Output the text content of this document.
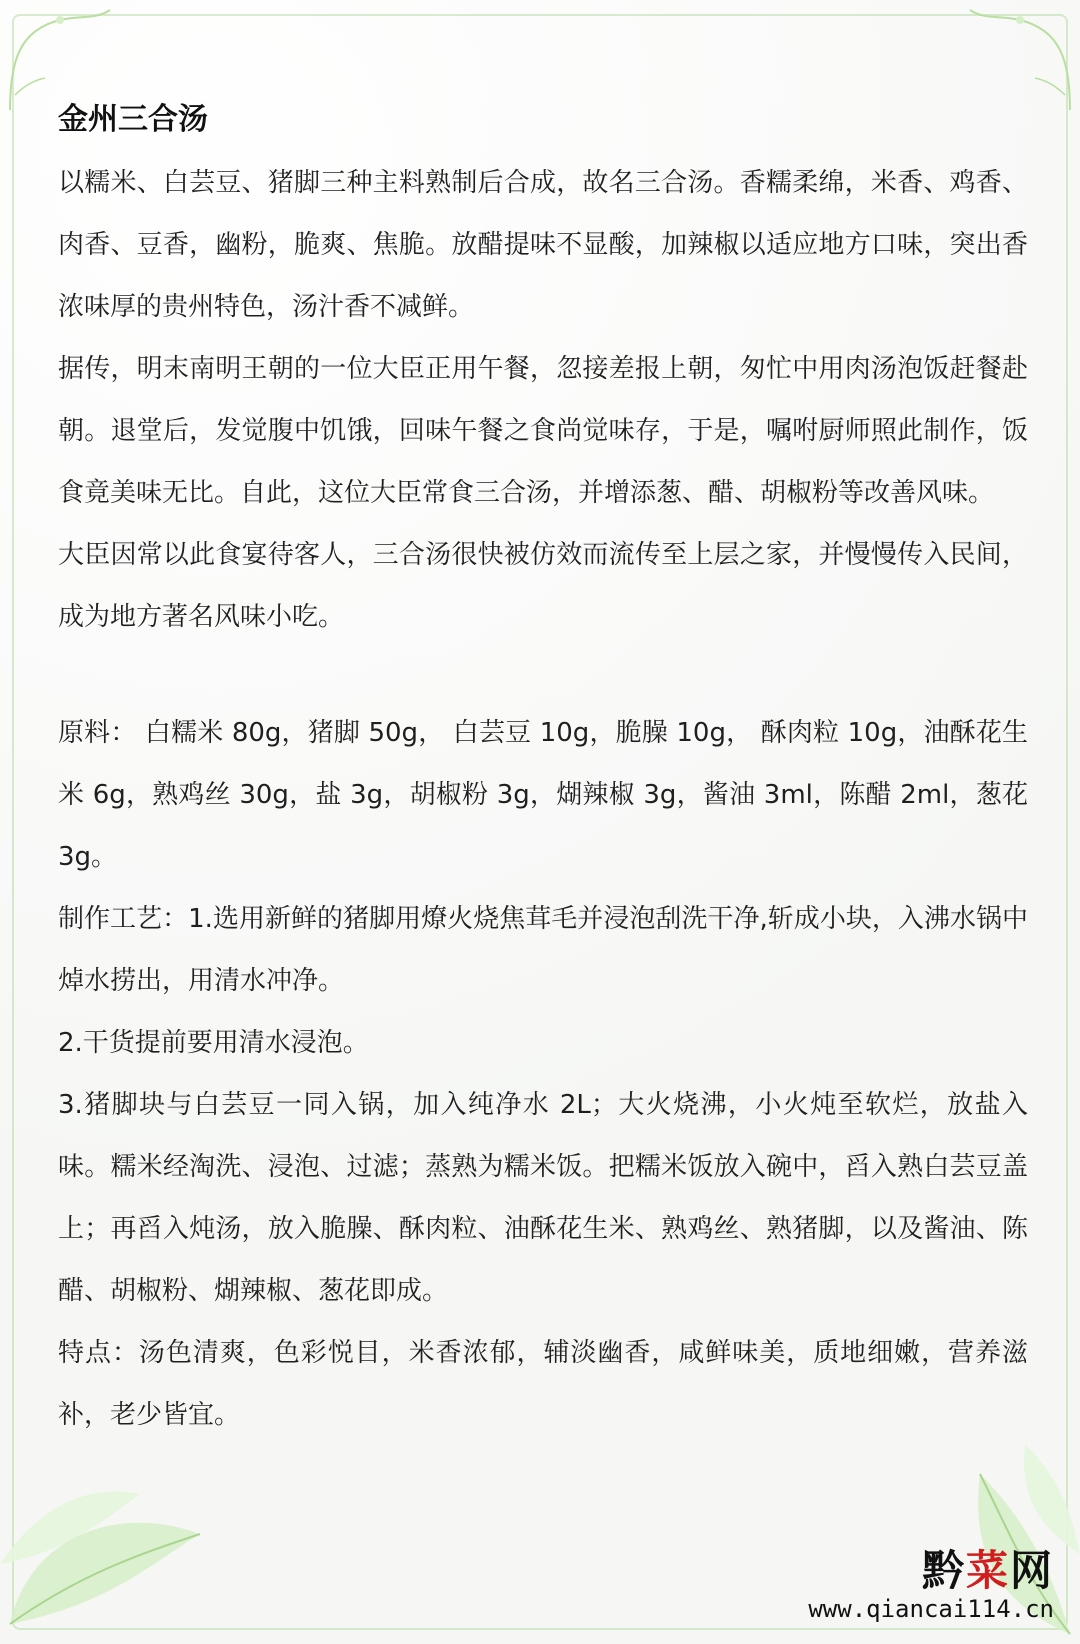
金州三合汤

以糯米、白芸豆、猪脚三种主料熟制后合成，故名三合汤。香糯柔绵，米香、鸡香、肉香、豆香，幽粉，脆爽、焦脆。放醋提味不显酸，加辣椒以适应地方口味，突出香浓味厚的贵州特色，汤汁香不减鲜。

据传，明末南明王朝的一位大臣正用午餐，忽接差报上朝，匆忙中用肉汤泡饭赶餐赴朝。退堂后，发觉腹中饥饿，回味午餐之食尚觉味存，于是，嘱咐厨师照此制作，饭食竟美味无比。自此，这位大臣常食三合汤，并增添葱、醋、胡椒粉等改善风味。

大臣因常以此食宴待客人，三合汤很快被仿效而流传至上层之家，并慢慢传入民间，成为地方著名风味小吃。

原料： 白糯米 80g，猪脚 50g， 白芸豆 10g，脆臊 10g， 酥肉粒 10g，油酥花生米 6g，熟鸡丝 30g，盐 3g，胡椒粉 3g，煳辣椒 3g，酱油 3ml，陈醋 2ml，葱花 3g。

制作工艺：1.选用新鲜的猪脚用燎火烧焦茸毛并浸泡刮洗干净,斩成小块，入沸水锅中焯水捞出，用清水冲净。

2.干货提前要用清水浸泡。

3.猪脚块与白芸豆一同入锅，加入纯净水 2L；大火烧沸，小火炖至软烂，放盐入味。糯米经淘洗、浸泡、过滤；蒸熟为糯米饭。把糯米饭放入碗中，舀入熟白芸豆盖上；再舀入炖汤，放入脆臊、酥肉粒、油酥花生米、熟鸡丝、熟猪脚，以及酱油、陈醋、胡椒粉、煳辣椒、葱花即成。

特点：汤色清爽，色彩悦目，米香浓郁，辅淡幽香，咸鲜味美，质地细嫩，营养滋补，老少皆宜。

黔菜网
www.qiancai114.cn
